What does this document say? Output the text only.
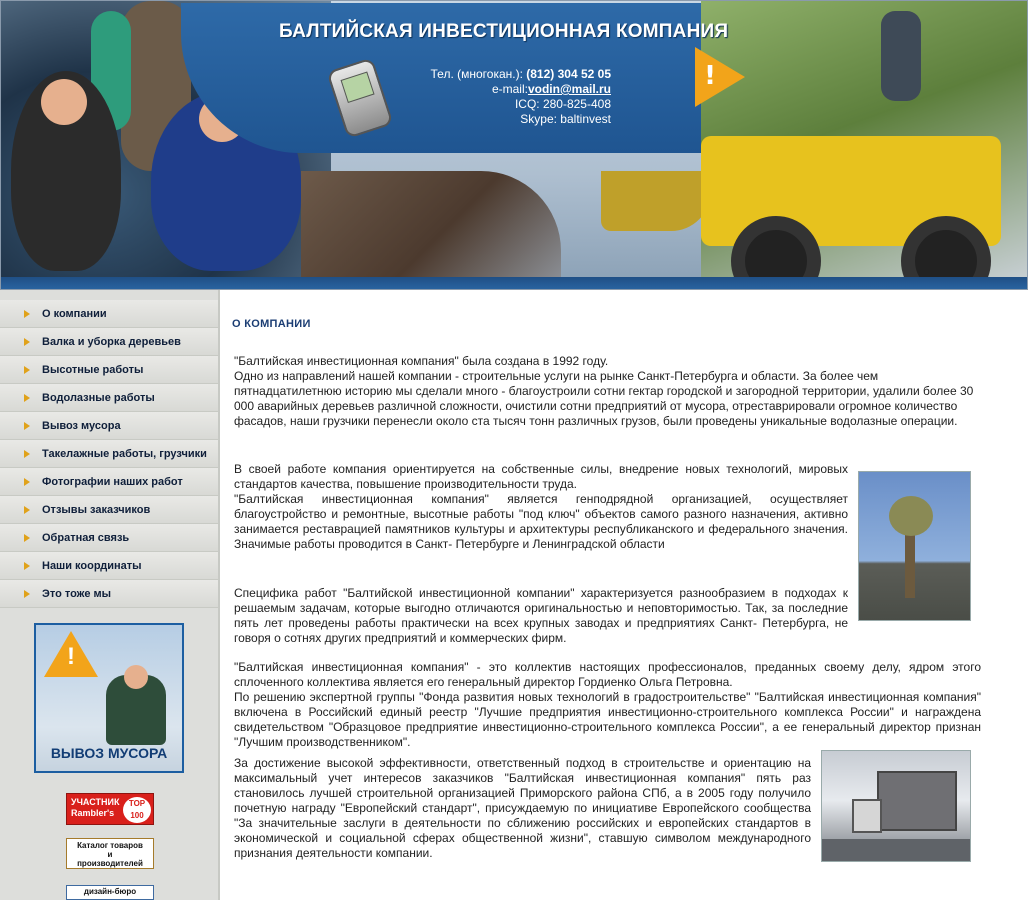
БАЛТИЙСКАЯ ИНВЕСТИЦИОННАЯ КОМПАНИЯ
!
Тел. (многокан.): (812) 304 52 05
e-mail:vodin@mail.ru
ICQ: 280-825-408
Skype: baltinvest
О компании
Валка и уборка деревьев
Высотные работы
Водолазные работы
Вывоз мусора
Такелажные работы, грузчики
Фотографии наших работ
Отзывы заказчиков
Обратная связь
Наши координаты
Это тоже мы
!
ВЫВОЗ МУСОРА
УЧАСТНИК
Rambler's
TOP 100
Каталог товаров
и
производителей
дизайн-бюро
О КОМПАНИИ
"Балтийская инвестиционная компания" была создана в 1992 году.
Одно из направлений нашей компании - строительные услуги на рынке Санкт-Петербурга и области. За более чем пятнадцатилетнюю историю мы сделали много - благоустроили сотни гектар городской и загородной территории, удалили более 30 000 аварийных деревьев различной сложности, очистили сотни предприятий от мусора, отреставрировали огромное количество фасадов, наши грузчики перенесли около ста тысяч тонн различных грузов, были проведены уникальные водолазные операции.
В своей работе компания ориентируется на собственные силы, внедрение новых технологий, мировых стандартов качества, повышение производительности труда.
"Балтийская инвестиционная компания" является генподрядной организацией, осуществляет благоустройство и ремонтные, высотные работы "под ключ" объектов самого разного назначения, активно занимается реставрацией памятников культуры и архитектуры республиканского и федерального значения. Значимые работы проводится в Санкт- Петербурге и Ленинградской области
Специфика работ "Балтийской инвестиционной компании" характеризуется разнообразием в подходах к решаемым задачам, которые выгодно отличаются оригинальностью и неповторимостью. Так, за последние пять лет проведены работы практически на всех крупных заводах и предприятиях Санкт- Петербурга, не говоря о сотнях других предприятий и коммерческих фирм.
"Балтийская инвестиционная компания" - это коллектив настоящих профессионалов, преданных своему делу, ядром этого сплоченного коллектива является его генеральный директор Гордиенко Ольга Петровна.
По решению экспертной группы "Фонда развития новых технологий в градостроительстве" "Балтийская инвестиционная компания" включена в Российский единый реестр "Лучшие предприятия инвестиционно-строительного комплекса России" и награждена свидетельством "Образцовое предприятие инвестиционно-строительного комплекса России", а ее генеральный директор признан "Лучшим производственником".
За достижение высокой эффективности, ответственный подход в строительстве и ориентацию на максимальный учет интересов заказчиков "Балтийская инвестиционная компания" пять раз становилось лучшей строительной организацией Приморского района СПб, а в 2005 году получило почетную награду "Европейский стандарт", присуждаемую по инициативе Европейского сообщества "За значительные заслуги в деятельности по сближению российских и европейских стандартов в экономической и социальной сферах общественной жизни", ставшую символом международного признания деятельности компании.
